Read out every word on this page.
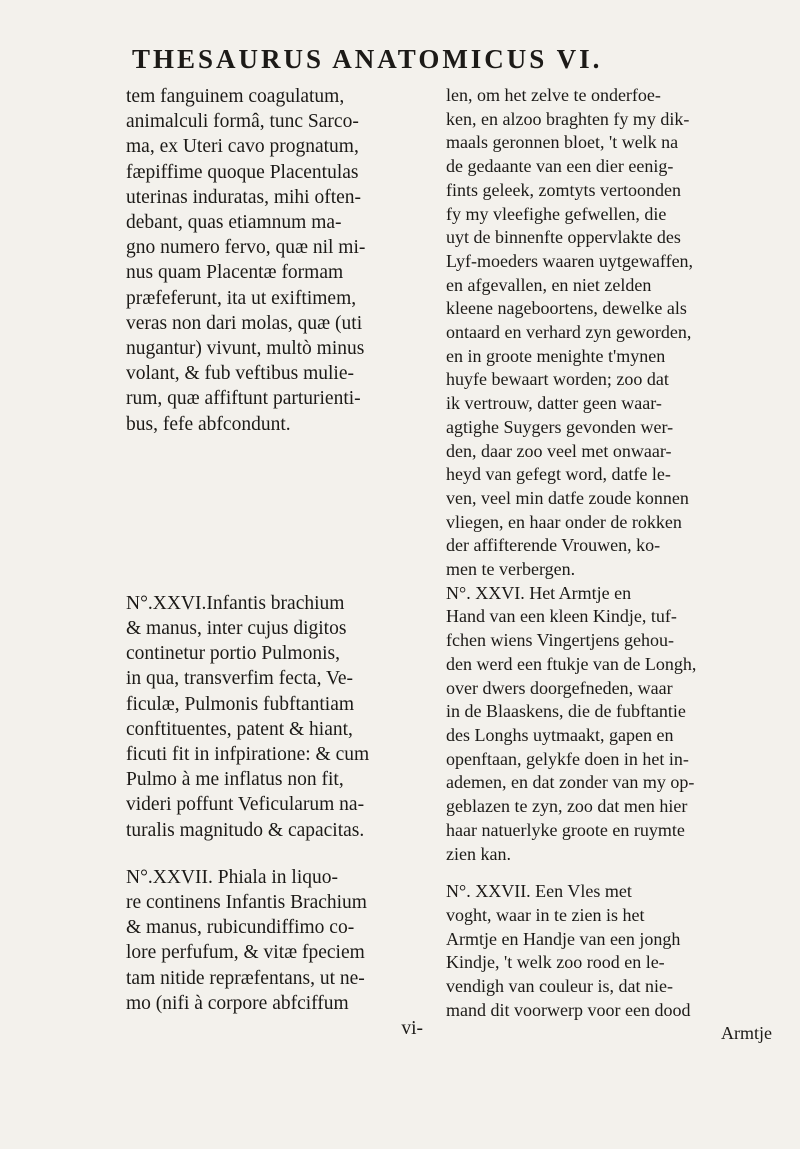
THESAURUS ANATOMICUS VI.
tem fanguinem coagulatum,
animalculi formâ, tunc Sarco-
ma, ex Uteri cavo prognatum,
fæpiffime quoque Placentulas
uterinas induratas, mihi often-
debant, quas etiamnum ma-
gno numero fervo, quæ nil mi-
nus quam Placentæ formam
præfeferunt, ita ut exiftimem,
veras non dari molas, quæ (uti
nugantur) vivunt, multò minus
volant, & fub veftibus mulie-
rum, quæ affiftunt parturienti-
bus, fefe abfcondunt.
N°.XXVI.Infantis brachium
& manus, inter cujus digitos
continetur portio Pulmonis,
in qua, transverfim fecta, Ve-
ficulæ, Pulmonis fubftantiam
conftituentes, patent & hiant,
ficuti fit in infpiratione: & cum
Pulmo à me inflatus non fit,
videri poffunt Veficularum na-
turalis magnitudo & capacitas.
N°.XXVII. Phiala in liquo-
re continens Infantis Brachium
& manus, rubicundiffimo co-
lore perfufum, & vitæ fpeciem
tam nitide repræfentans, ut ne-
mo (nifi à corpore abfciffum
vi-
len, om het zelve te onderfoe-
ken, en alzoo braghten fy my dik-
maals geronnen bloet, 't welk na
de gedaante van een dier eenig-
fints geleek, zomtyts vertoonden
fy my vleefighe gefwellen, die
uyt de binnenfte oppervlakte des
Lyf-moeders waaren uytgewaffen,
en afgevallen, en niet zelden
kleene nageboortens, dewelke als
ontaard en verhard zyn geworden,
en in groote menighte t'mynen
huyfe bewaart worden; zoo dat
ik vertrouw, datter geen waar-
agtighe Suygers gevonden wer-
den, daar zoo veel met onwaar-
heyd van gefegt word, datfe le-
ven, veel min datfe zoude konnen
vliegen, en haar onder de rokken
der affifterende Vrouwen, ko-
men te verbergen.
N°. XXVI. Het Armtje en
Hand van een kleen Kindje, tuf-
fchen wiens Vingertjens gehou-
den werd een ftukje van de Longh,
over dwers doorgefneden, waar
in de Blaaskens, die de fubftantie
des Longhs uytmaakt, gapen en
openftaan, gelykfe doen in het in-
ademen, en dat zonder van my op-
geblazen te zyn, zoo dat men hier
haar natuerlyke groote en ruymte
zien kan.
N°. XXVII. Een Vles met
voght, waar in te zien is het
Armtje en Handje van een jongh
Kindje, 't welk zoo rood en le-
vendigh van couleur is, dat nie-
mand dit voorwerp voor een dood
Armtje
